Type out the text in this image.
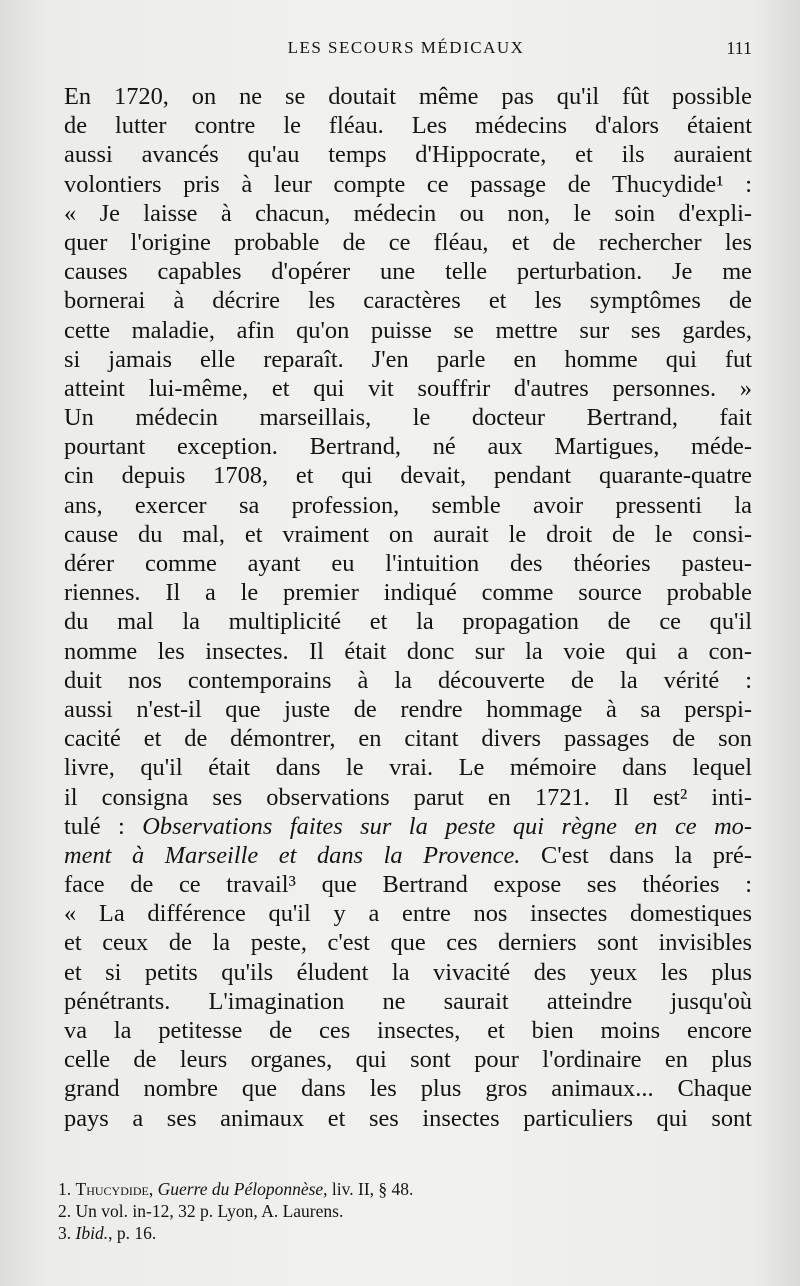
LES SECOURS MÉDICAUX	111
En 1720, on ne se doutait même pas qu'il fût possible
de lutter contre le fléau. Les médecins d'alors étaient
aussi avancés qu'au temps d'Hippocrate, et ils auraient
volontiers pris à leur compte ce passage de Thucydide¹ :
« Je laisse à chacun, médecin ou non, le soin d'expli-
quer l'origine probable de ce fléau, et de rechercher les
causes capables d'opérer une telle perturbation. Je me
bornerai à décrire les caractères et les symptômes de
cette maladie, afin qu'on puisse se mettre sur ses gardes,
si jamais elle reparaît. J'en parle en homme qui fut
atteint lui-même, et qui vit souffrir d'autres personnes. »
Un médecin marseillais, le docteur Bertrand, fait
pourtant exception. Bertrand, né aux Martigues, méde-
cin depuis 1708, et qui devait, pendant quarante-quatre
ans, exercer sa profession, semble avoir pressenti la
cause du mal, et vraiment on aurait le droit de le consi-
dérer comme ayant eu l'intuition des théories pasteu-
riennes. Il a le premier indiqué comme source probable
du mal la multiplicité et la propagation de ce qu'il
nomme les insectes. Il était donc sur la voie qui a con-
duit nos contemporains à la découverte de la vérité :
aussi n'est-il que juste de rendre hommage à sa perspi-
cacité et de démontrer, en citant divers passages de son
livre, qu'il était dans le vrai. Le mémoire dans lequel
il consigna ses observations parut en 1721. Il est² inti-
tulé : Observations faites sur la peste qui règne en ce mo-
ment à Marseille et dans la Provence. C'est dans la pré-
face de ce travail³ que Bertrand expose ses théories :
« La différence qu'il y a entre nos insectes domestiques
et ceux de la peste, c'est que ces derniers sont invisibles
et si petits qu'ils éludent la vivacité des yeux les plus
pénétrants. L'imagination ne saurait atteindre jusqu'où
va la petitesse de ces insectes, et bien moins encore
celle de leurs organes, qui sont pour l'ordinaire en plus
grand nombre que dans les plus gros animaux... Chaque
pays a ses animaux et ses insectes particuliers qui sont
1. Thucydide, Guerre du Péloponnèse, liv. II, § 48.
2. Un vol. in-12, 32 p. Lyon, A. Laurens.
3. Ibid., p. 16.
